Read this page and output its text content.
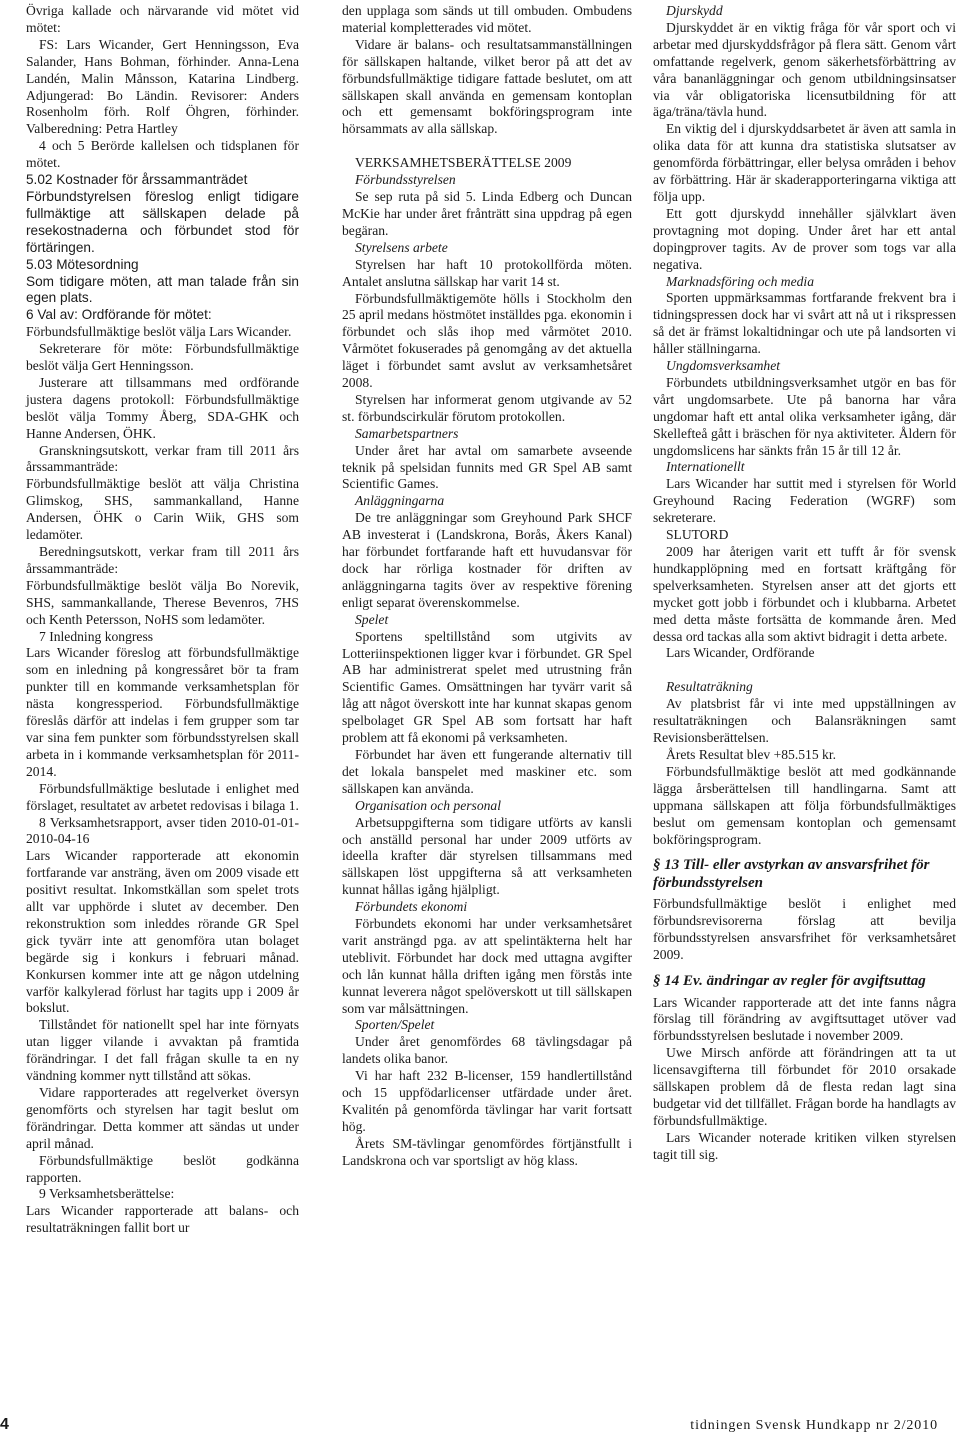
Övriga kallade och närvarande vid mötet vid mötet:

FS: Lars Wicander, Gert Henningsson, Eva Salander, Hans Bohman, förhinder. Anna-Lena Landén, Malin Månsson, Katarina Lindberg. Adjungerad: Bo Ländin. Revisorer: Anders Rosenholm förh. Rolf Öhgren, förhinder. Valberedning: Petra Hartley

4 och 5 Berörde kallelsen och tidsplanen för mötet.

5.02 Kostnader för årssammanträdet

Förbundstyrelsen föreslog enligt tidigare fullmäktige att sällskapen delade på resekostnaderna och förbundet stod för förtäringen.

5.03 Mötesordning

Som tidigare möten, att man talade från sin egen plats.

6 Val av: Ordförande för mötet:

Förbundsfullmäktige beslöt välja Lars Wicander.

Sekreterare för möte: Förbundsfullmäktige beslöt välja Gert Henningsson.

Justerare att tillsammans med ordförande justera dagens protokoll: Förbundsfullmäktige beslöt välja Tommy Åberg, SDA-GHK och Hanne Andersen, ÖHK.

Granskningsutskott, verkar fram till 2011 års årssammanträde:

Förbundsfullmäktige beslöt att välja Christina Glimskog, SHS, sammankalland, Hanne Andersen, ÖHK o Carin Wiik, GHS som ledamöter.

Beredningsutskott, verkar fram till 2011 års årssammanträde:

Förbundsfullmäktige beslöt välja Bo Norevik, SHS, sammankallande, Therese Bevenros, 7HS och Kenth Petersson, NoHS som ledamöter.

7 Inledning kongress

Lars Wicander föreslog att förbundsfullmäktige som en inledning på kongressåret bör ta fram punkter till en kommande verksamhetsplan för nästa kongressperiod. Förbundsfullmäktige föreslås därför att indelas i fem grupper som tar var sina fem punkter som förbundsstyrelsen skall arbeta in i kommande verksamhetsplan för 2011-2014.

Förbundsfullmäktige beslutade i enlighet med förslaget, resultatet av arbetet redovisas i bilaga 1.

8 Verksamhetsrapport, avser tiden 2010-01-01-2010-04-16

Lars Wicander rapporterade att ekonomin fortfarande var ansträng, även om 2009 visade ett positivt resultat. Inkomstkällan som spelet trots allt var upphörde i slutet av december. Den rekonstruktion som inleddes rörande GR Spel gick tyvärr inte att genomföra utan bolaget begärde sig i konkurs i februari månad. Konkursen kommer inte att ge någon utdelning varför kalkylerad förlust har tagits upp i 2009 år bokslut.

Tillståndet för nationellt spel har inte förnyats utan ligger vilande i avvaktan på framtida förändringar. I det fall frågan skulle ta en ny vändning kommer nytt tillstånd att sökas.

Vidare rapporterades att regelverket översyn genomförts och styrelsen har tagit beslut om förändringar. Detta kommer att sändas ut under april månad.

Förbundsfullmäktige beslöt godkänna rapporten.

9 Verksamhetsberättelse:

Lars Wicander rapporterade att balans- och resultaträkningen fallit bort ur

den upplaga som sänds ut till ombuden. Ombudens material kompletterades vid mötet.

Vidare är balans- och resultatsammanställningen för sällskapen haltande, vilket beror på att det av förbundsfullmäktige tidigare fattade beslutet, om att sällskapen skall använda en gemensam kontoplan och ett gemensamt bokföringsprogram inte hörsammats av alla sällskap.

VERKSAMHETSBERÄTTELSE 2009

Förbundsstyrelsen

Se sep ruta på sid 5. Linda Edberg och Duncan McKie har under året frånträtt sina uppdrag på egen begäran.

Styrelsens arbete

Styrelsen har haft 10 protokollförda möten. Antalet anslutna sällskap har varit 14 st.

Förbundsfullmäktigemöte hölls i Stockholm den 25 april medans höstmötet inställdes pga. ekonomin i förbundet och slås ihop med vårmötet 2010. Vårmötet fokuserades på genomgång av det aktuella läget i förbundet samt avslut av verksamhetsåret 2008.

Styrelsen har informerat genom utgivande av 52 st. förbundscirkulär förutom protokollen.

Samarbetspartners

Under året har avtal om samarbete avseende teknik på spelsidan funnits med GR Spel AB samt Scientific Games.

Anläggningarna

De tre anläggningar som Greyhound Park SHCF AB investerat i (Landskrona, Borås, Åkers Kanal) har förbundet fortfarande haft ett huvudansvar för dock har rörliga kostnader för driften av anläggningarna tagits över av respektive förening enligt separat överenskommelse.

Spelet

Sportens speltillstånd som utgivits av Lotteriinspektionen ligger kvar i förbundet. GR Spel AB har administrerat spelet med utrustning från Scientific Games. Omsättningen har tyvärr varit så låg att något överskott inte har kunnat skapas genom spelbolaget GR Spel AB som fortsatt har haft problem att få ekonomi på verksamheten.

Förbundet har även ett fungerande alternativ till det lokala banspelet med maskiner etc. som sällskapen kan använda.

Organisation och personal

Arbetsuppgifterna som tidigare utförts av kansli och anställd personal har under 2009 utförts av ideella krafter där styrelsen tillsammans med sällskapen löst uppgifterna så att verksamheten kunnat hållas igång hjälpligt.

Förbundets ekonomi

Förbundets ekonomi har under verksamhetsåret varit ansträngd pga. av att spelintäkterna helt har uteblivit. Förbundet har dock med uttagna avgifter och lån kunnat hålla driften igång men förstås inte kunnat leverera något spelöverskott ut till sällskapen som var målsättningen.

Sporten/Spelet

Under året genomfördes 68 tävlingsdagar på landets olika banor.

Vi har haft 232 B-licenser, 159 handlertillstånd och 15 uppfödarlicenser utfärdade under året. Kvalitén på genomförda tävlingar har varit fortsatt hög.

Årets SM-tävlingar genomfördes förtjänstfullt i Landskrona och var sportsligt av hög klass.

Djurskydd

Djurskyddet är en viktig fråga för vår sport och vi arbetar med djurskyddsfrågor på flera sätt. Genom vårt omfattande regelverk, genom säkerhetsförbättring av våra bananläggningar och genom utbildningsinsatser via vår obligatoriska licensutbildning för att äga/träna/tävla hund.

En viktig del i djurskyddsarbetet är även att samla in olika data för att kunna dra statistiska slutsatser av genomförda förbättringar, eller belysa områden i behov av förbättring. Här är skaderapporteringarna viktiga att följa upp.

Ett gott djurskydd innehåller självklart även provtagning mot doping. Under året har ett antal dopingprover tagits. Av de prover som togs var alla negativa.

Marknadsföring och media

Sporten uppmärksammas fortfarande frekvent bra i tidningspressen dock har vi svårt att nå ut i rikspressen så det är främst lokaltidningar och ute på landsorten vi håller ställningarna.

Ungdomsverksamhet

Förbundets utbildningsverksamhet utgör en bas för vårt ungdomsarbete. Ute på banorna har våra ungdomar haft ett antal olika verksamheter igång, där Skellefteå gått i bräschen för nya aktiviteter. Åldern för ungdomslicens har sänkts från 15 år till 12 år.

Internationellt

Lars Wicander har suttit med i styrelsen för World Greyhound Racing Federation (WGRF) som sekreterare.

SLUTORD

2009 har återigen varit ett tufft år för svensk hundkapplöpning med en fortsatt kräftgång för spelverksamheten. Styrelsen anser att det gjorts ett mycket gott jobb i förbundet och i klubbarna. Arbetet med detta måste fortsätta de kommande åren. Med dessa ord tackas alla som aktivt bidragit i detta arbete.

Lars Wicander, Ordförande

Resultaträkning

Av platsbrist får vi inte med uppställningen av resultaträkningen och Balansräkningen samt Revisionsberättelsen.

Årets Resultat blev +85.515 kr.

Förbundsfullmäktige beslöt att med godkännande lägga årsberättelsen till handlingarna. Samt att uppmana sällskapen att följa förbundsfullmäktiges beslut om gemensam kontoplan och gemensamt bokföringsprogram.

§ 13 Till- eller avstyrkan av ansvarsfrihet för förbundsstyrelsen

Förbundsfullmäktige beslöt i enlighet med förbundsrevisorerna förslag att bevilja förbundsstyrelsen ansvarsfrihet för verksamhetsåret 2009.

§ 14 Ev. ändringar av regler för avgiftsuttag

Lars Wicander rapporterade att det inte fanns några förslag till förändring av avgiftsuttaget utöver vad förbundsstyrelsen beslutade i november 2009.

Uwe Mirsch anförde att förändringen att ta ut licensavgifterna till förbundet för 2010 orsakade sällskapen problem då de flesta redan lagt sina budgetar vid det tillfället. Frågan borde ha handlagts av förbundsfullmäktige.

Lars Wicander noterade kritiken vilken styrelsen tagit till sig.

4	tidningen Svensk Hundkapp nr 2/2010
